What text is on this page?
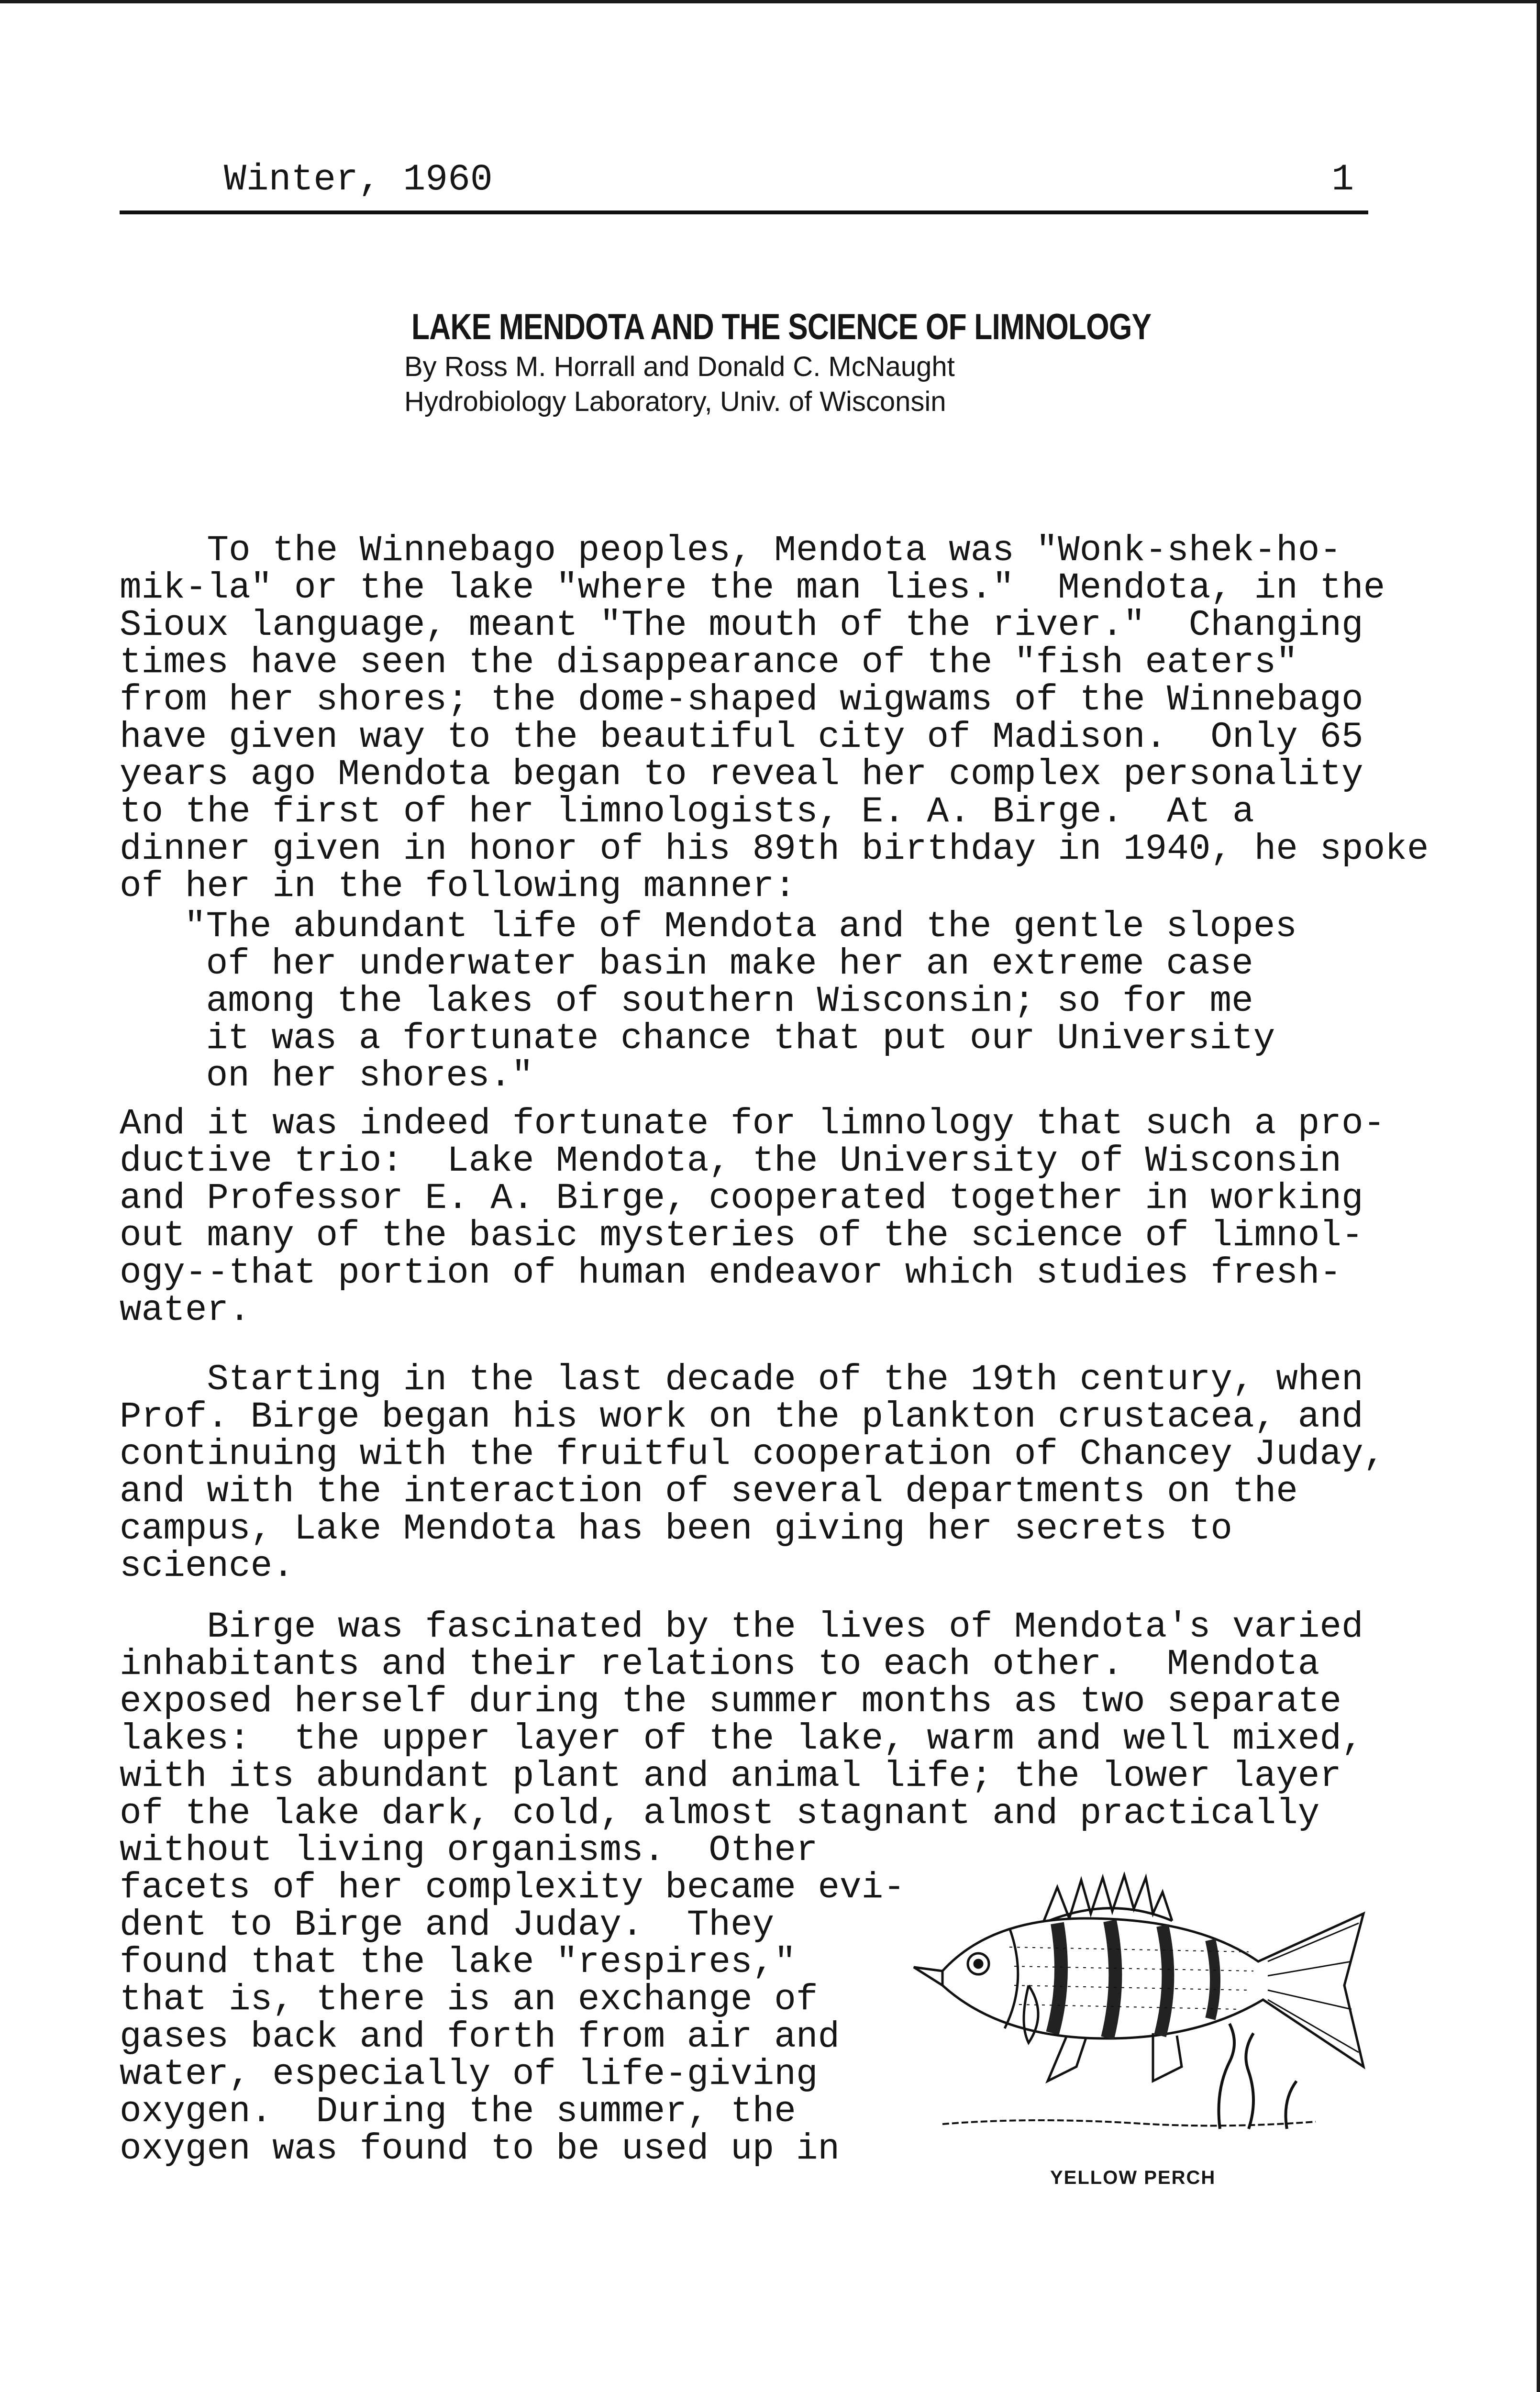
Winter, 1960	1
LAKE MENDOTA AND THE SCIENCE OF LIMNOLOGY
By Ross M. Horrall and Donald C. McNaught
Hydrobiology Laboratory, Univ. of Wisconsin

To the Winnebago peoples, Mendota was "Wonk-shek-ho-
mik-la" or the lake "where the man lies."  Mendota, in the
Sioux language, meant "The mouth of the river."  Changing
times have seen the disappearance of the "fish eaters"
from her shores; the dome-shaped wigwams of the Winnebago
have given way to the beautiful city of Madison.  Only 65
years ago Mendota began to reveal her complex personality
to the first of her limnologists, E. A. Birge.  At a
dinner given in honor of his 89th birthday in 1940, he spoke
of her in the following manner:

"The abundant life of Mendota and the gentle slopes
of her underwater basin make her an extreme case
among the lakes of southern Wisconsin; so for me
it was a fortunate chance that put our University
on her shores."

And it was indeed fortunate for limnology that such a pro-
ductive trio:  Lake Mendota, the University of Wisconsin
and Professor E. A. Birge, cooperated together in working
out many of the basic mysteries of the science of limnol-
ogy--that portion of human endeavor which studies fresh-
water.

Starting in the last decade of the 19th century, when
Prof. Birge began his work on the plankton crustacea, and
continuing with the fruitful cooperation of Chancey Juday,
and with the interaction of several departments on the
campus, Lake Mendota has been giving her secrets to
science.

Birge was fascinated by the lives of Mendota's varied
inhabitants and their relations to each other.  Mendota
exposed herself during the summer months as two separate
lakes:  the upper layer of the lake, warm and well mixed,
with its abundant plant and animal life; the lower layer
of the lake dark, cold, almost stagnant and practically

without living organisms.  Other
facets of her complexity became evi-
dent to Birge and Juday.  They
found that the lake "respires,"
that is, there is an exchange of
gases back and forth from air and
water, especially of life-giving
oxygen.  During the summer, the
oxygen was found to be used up in

YELLOW PERCH
